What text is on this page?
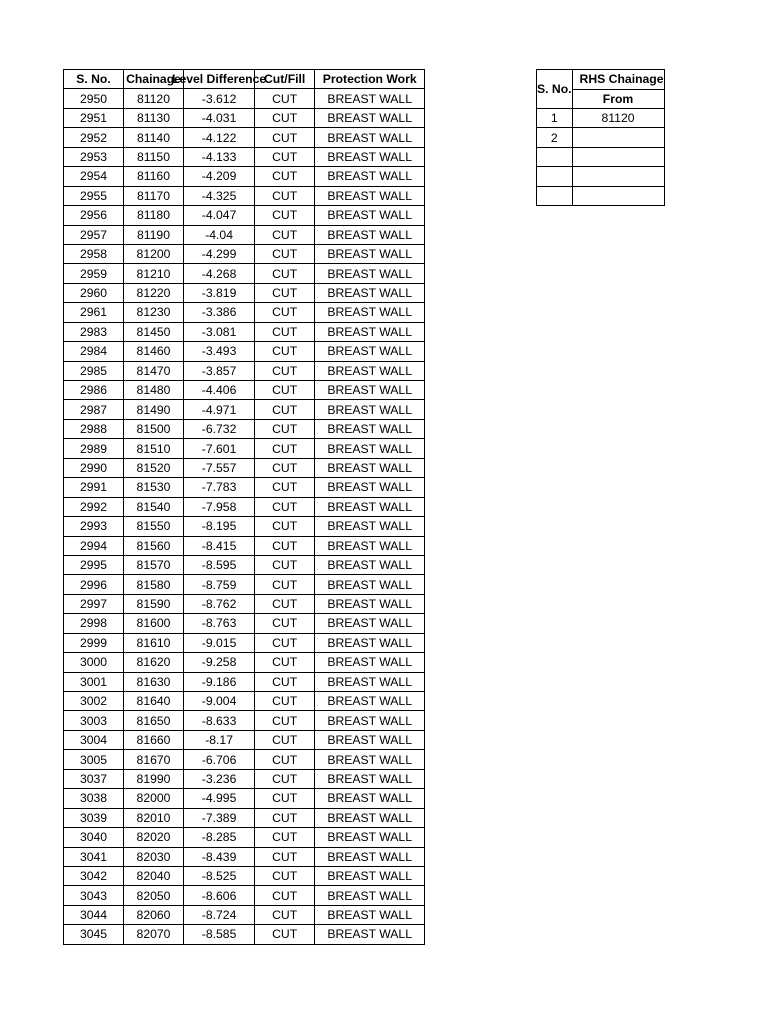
S. No.	Chainage	Level Difference	Cut/Fill	Protection Work
2950	81120	-3.612	CUT	BREAST WALL
2951	81130	-4.031	CUT	BREAST WALL
2952	81140	-4.122	CUT	BREAST WALL
2953	81150	-4.133	CUT	BREAST WALL
2954	81160	-4.209	CUT	BREAST WALL
2955	81170	-4.325	CUT	BREAST WALL
2956	81180	-4.047	CUT	BREAST WALL
2957	81190	-4.04	CUT	BREAST WALL
2958	81200	-4.299	CUT	BREAST WALL
2959	81210	-4.268	CUT	BREAST WALL
2960	81220	-3.819	CUT	BREAST WALL
2961	81230	-3.386	CUT	BREAST WALL
2983	81450	-3.081	CUT	BREAST WALL
2984	81460	-3.493	CUT	BREAST WALL
2985	81470	-3.857	CUT	BREAST WALL
2986	81480	-4.406	CUT	BREAST WALL
2987	81490	-4.971	CUT	BREAST WALL
2988	81500	-6.732	CUT	BREAST WALL
2989	81510	-7.601	CUT	BREAST WALL
2990	81520	-7.557	CUT	BREAST WALL
2991	81530	-7.783	CUT	BREAST WALL
2992	81540	-7.958	CUT	BREAST WALL
2993	81550	-8.195	CUT	BREAST WALL
2994	81560	-8.415	CUT	BREAST WALL
2995	81570	-8.595	CUT	BREAST WALL
2996	81580	-8.759	CUT	BREAST WALL
2997	81590	-8.762	CUT	BREAST WALL
2998	81600	-8.763	CUT	BREAST WALL
2999	81610	-9.015	CUT	BREAST WALL
3000	81620	-9.258	CUT	BREAST WALL
3001	81630	-9.186	CUT	BREAST WALL
3002	81640	-9.004	CUT	BREAST WALL
3003	81650	-8.633	CUT	BREAST WALL
3004	81660	-8.17	CUT	BREAST WALL
3005	81670	-6.706	CUT	BREAST WALL
3037	81990	-3.236	CUT	BREAST WALL
3038	82000	-4.995	CUT	BREAST WALL
3039	82010	-7.389	CUT	BREAST WALL
3040	82020	-8.285	CUT	BREAST WALL
3041	82030	-8.439	CUT	BREAST WALL
3042	82040	-8.525	CUT	BREAST WALL
3043	82050	-8.606	CUT	BREAST WALL
3044	82060	-8.724	CUT	BREAST WALL
3045	82070	-8.585	CUT	BREAST WALL
S. No.	RHS Chainage
	From
1	81120
2	
